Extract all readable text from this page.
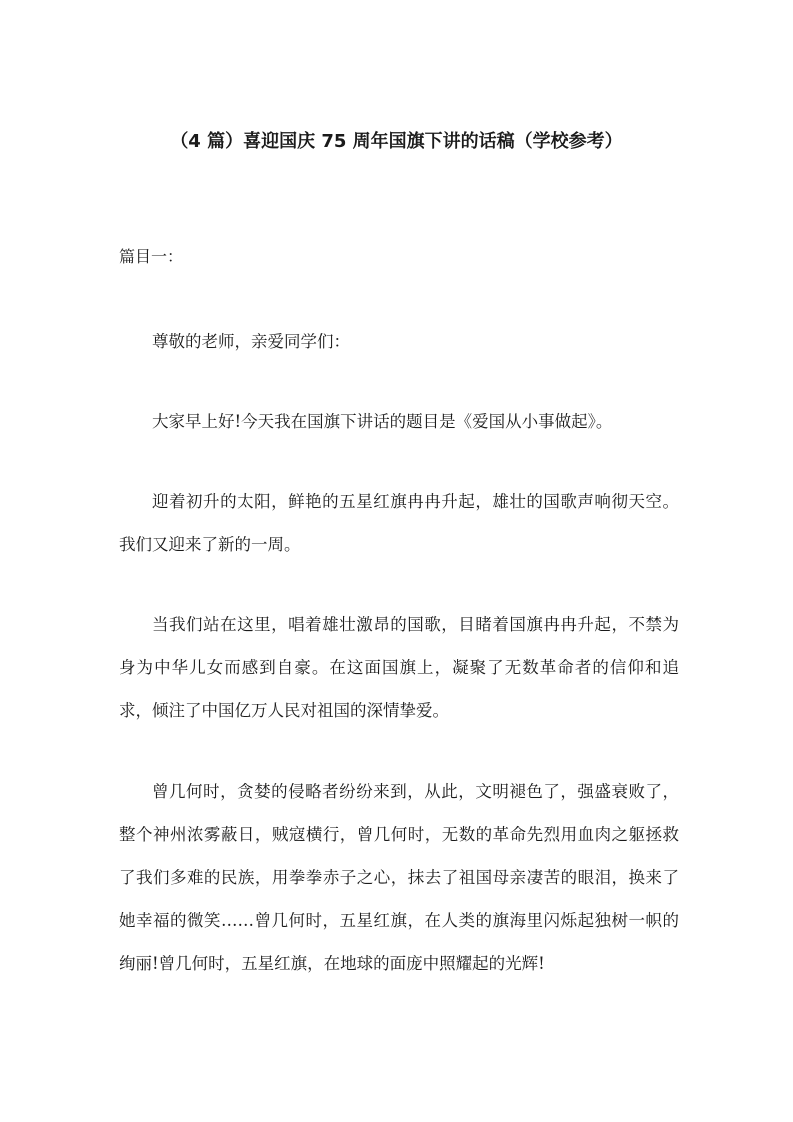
（4 篇）喜迎国庆 75 周年国旗下讲的话稿（学校参考）
篇目一：

尊敬的老师，亲爱同学们：

大家早上好!今天我在国旗下讲话的题目是《爱国从小事做起》。

迎着初升的太阳，鲜艳的五星红旗冉冉升起，雄壮的国歌声响彻天空。我们又迎来了新的一周。

当我们站在这里，唱着雄壮激昂的国歌，目睹着国旗冉冉升起，不禁为身为中华儿女而感到自豪。在这面国旗上，凝聚了无数革命者的信仰和追求，倾注了中国亿万人民对祖国的深情挚爱。

曾几何时，贪婪的侵略者纷纷来到，从此，文明褪色了，强盛衰败了，整个神州浓雾蔽日，贼寇横行，曾几何时，无数的革命先烈用血肉之躯拯救了我们多难的民族，用拳拳赤子之心，抹去了祖国母亲凄苦的眼泪，换来了她幸福的微笑……曾几何时，五星红旗，在人类的旗海里闪烁起独树一帜的绚丽!曾几何时，五星红旗，在地球的面庞中照耀起的光辉!
